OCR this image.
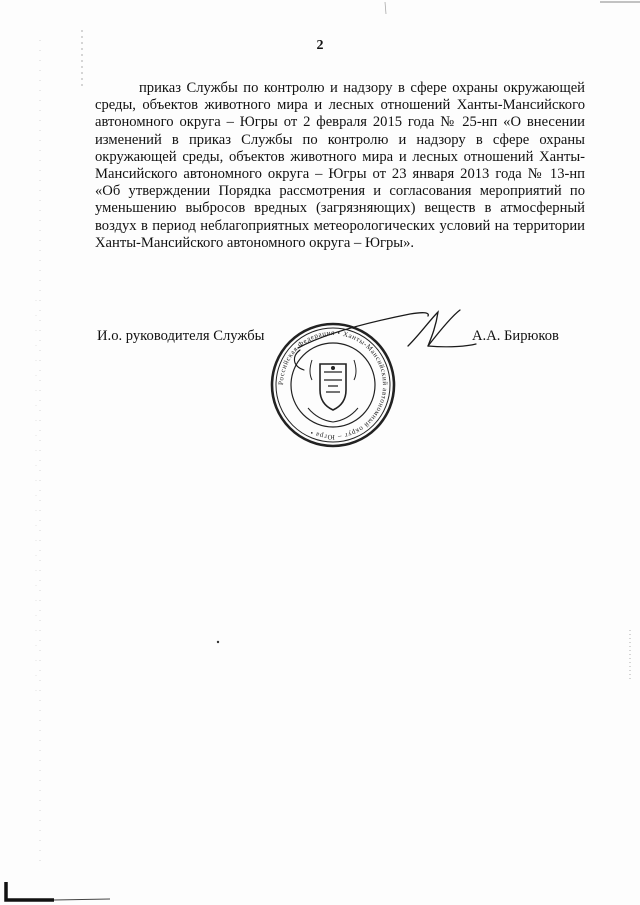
2
приказ Службы по контролю и надзору в сфере охраны окружающей среды, объектов животного мира и лесных отношений Ханты-Мансийского автономного округа – Югры от 2 февраля 2015 года № 25-нп «О внесении изменений в приказ Службы по контролю и надзору в сфере охраны окружающей среды, объектов животного мира и лесных отношений Ханты-Мансийского автономного округа – Югры от 23 января 2013 года № 13-нп «Об утверждении Порядка рассмотрения и согласования мероприятий по уменьшению выбросов вредных (загрязняющих) веществ в атмосферный воздух в период неблагоприятных метеорологических условий на территории Ханты-Мансийского автономного округа – Югры».
И.о. руководителя Службы
Российская Федерация • Ханты-Мансийский автономный округ – Югра •
А.А. Бирюков
